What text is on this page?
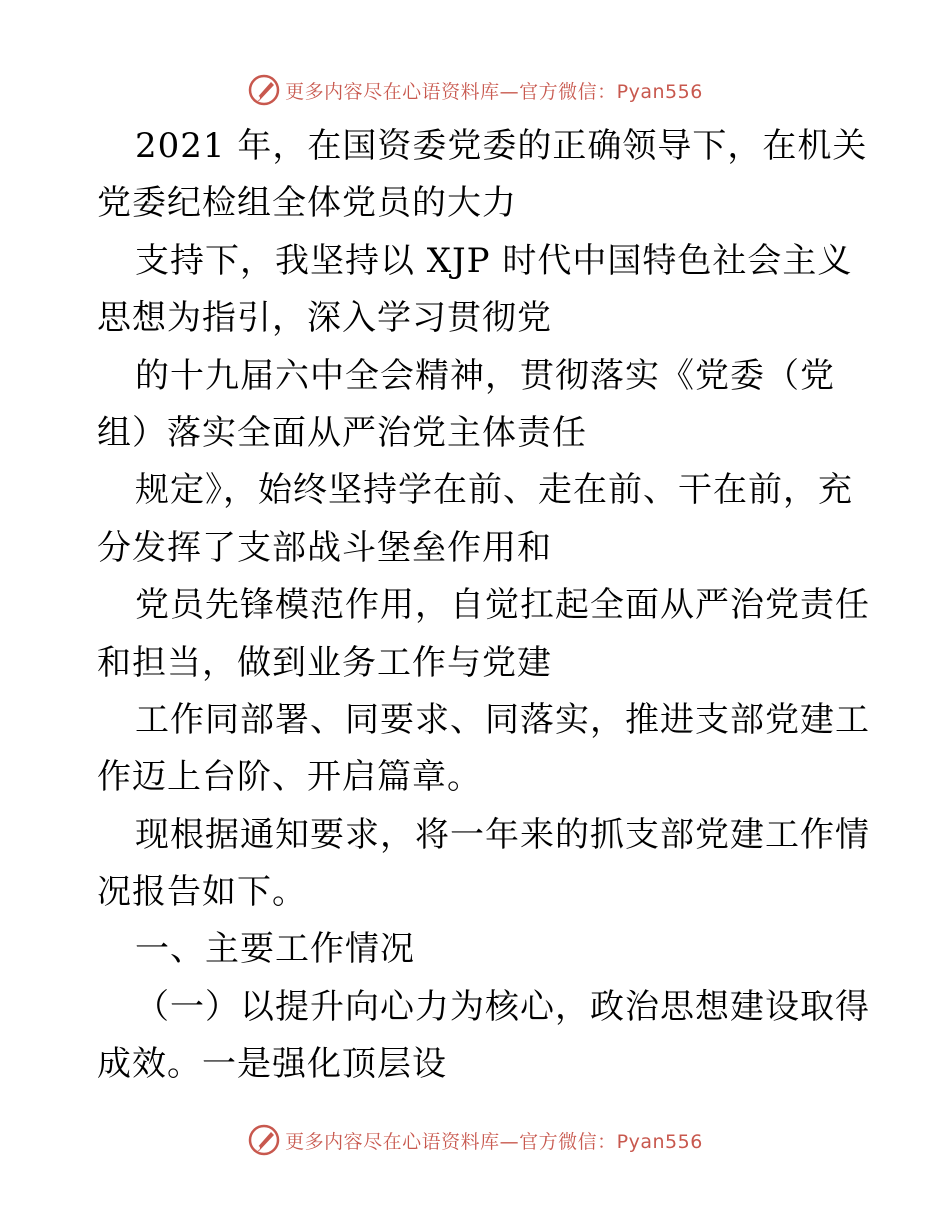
更多内容尽在心语资料库—官方微信：Pyan556
2021 年，在国资委党委的正确领导下，在机关
党委纪检组全体党员的大力
支持下，我坚持以 XJP 时代中国特色社会主义
思想为指引，深入学习贯彻党
的十九届六中全会精神，贯彻落实《党委（党
组）落实全面从严治党主体责任
规定》，始终坚持学在前、走在前、干在前，充
分发挥了支部战斗堡垒作用和
党员先锋模范作用，自觉扛起全面从严治党责任
和担当，做到业务工作与党建
工作同部署、同要求、同落实，推进支部党建工
作迈上台阶、开启篇章。
现根据通知要求，将一年来的抓支部党建工作情
况报告如下。
一、主要工作情况
（一）以提升向心力为核心，政治思想建设取得
成效。一是强化顶层设
更多内容尽在心语资料库—官方微信：Pyan556
